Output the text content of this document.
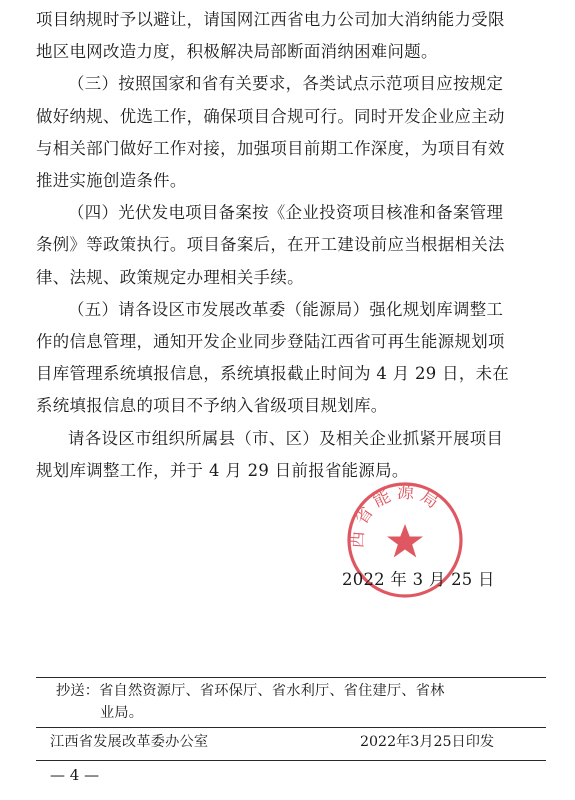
项目纳规时予以避让，请国网江西省电力公司加大消纳能力受限
地区电网改造力度，积极解决局部断面消纳困难问题。

（三）按照国家和省有关要求，各类试点示范项目应按规定
做好纳规、优选工作，确保项目合规可行。同时开发企业应主动
与相关部门做好工作对接，加强项目前期工作深度，为项目有效
推进实施创造条件。

（四）光伏发电项目备案按《企业投资项目核准和备案管理
条例》等政策执行。项目备案后，在开工建设前应当根据相关法
律、法规、政策规定办理相关手续。

（五）请各设区市发展改革委（能源局）强化规划库调整工
作的信息管理，通知开发企业同步登陆江西省可再生能源规划项
目库管理系统填报信息，系统填报截止时间为 4 月 29 日，未在
系统填报信息的项目不予纳入省级项目规划库。

请各设区市组织所属县（市、区）及相关企业抓紧开展项目
规划库调整工作，并于 4 月 29 日前报省能源局。

西省能源局
2022 年 3 月 25 日
抄送：省自然资源厅、省环保厅、省水利厅、省住建厅、省林
业局。
江西省发展改革委办公室	2022年3月25日印发
— 4 —
